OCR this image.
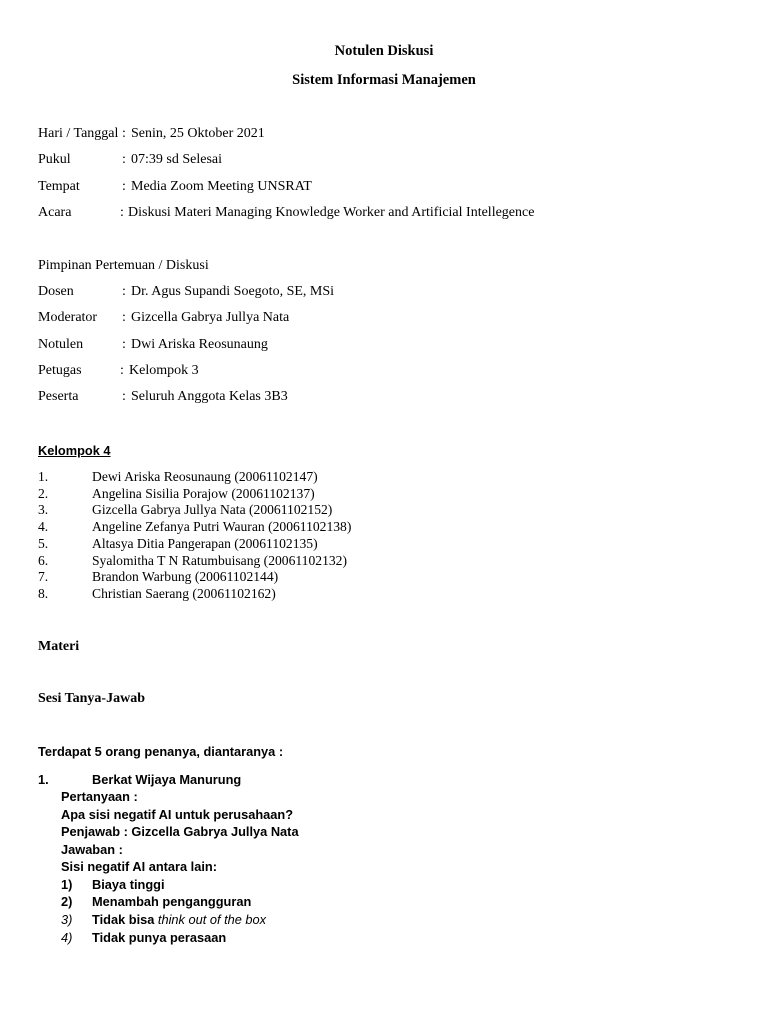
Notulen Diskusi
Sistem Informasi Manajemen
Hari / Tanggal : Senin, 25 Oktober 2021
Pukul	: 07:39 sd Selesai
Tempat	: Media Zoom Meeting UNSRAT
Acara	: Diskusi Materi Managing Knowledge Worker and Artificial Intellegence
Pimpinan Pertemuan / Diskusi
Dosen	: Dr. Agus Supandi Soegoto, SE, MSi
Moderator : Gizcella Gabrya Jullya Nata
Notulen	: Dwi Ariska Reosunaung
Petugas	: Kelompok 3
Peserta	: Seluruh Anggota Kelas 3B3
Kelompok 4
1.	Dewi Ariska Reosunaung (20061102147)
2.	Angelina Sisilia Porajow (20061102137)
3.	Gizcella Gabrya Jullya Nata (20061102152)
4.	Angeline Zefanya Putri Wauran (20061102138)
5.	Altasya Ditia Pangerapan (20061102135)
6.	Syalomitha T N Ratumbuisang (20061102132)
7.	Brandon Warbung (20061102144)
8.	Christian Saerang (20061102162)
Materi
Sesi Tanya-Jawab
Terdapat 5 orang penanya, diantaranya :
1.	Berkat Wijaya Manurung
Pertanyaan :
Apa sisi negatif AI untuk perusahaan?
Penjawab : Gizcella Gabrya Jullya Nata
Jawaban :
Sisi negatif AI antara lain:
1) Biaya tinggi
2) Menambah pengangguran
3) Tidak bisa think out of the box
4) Tidak punya perasaan
